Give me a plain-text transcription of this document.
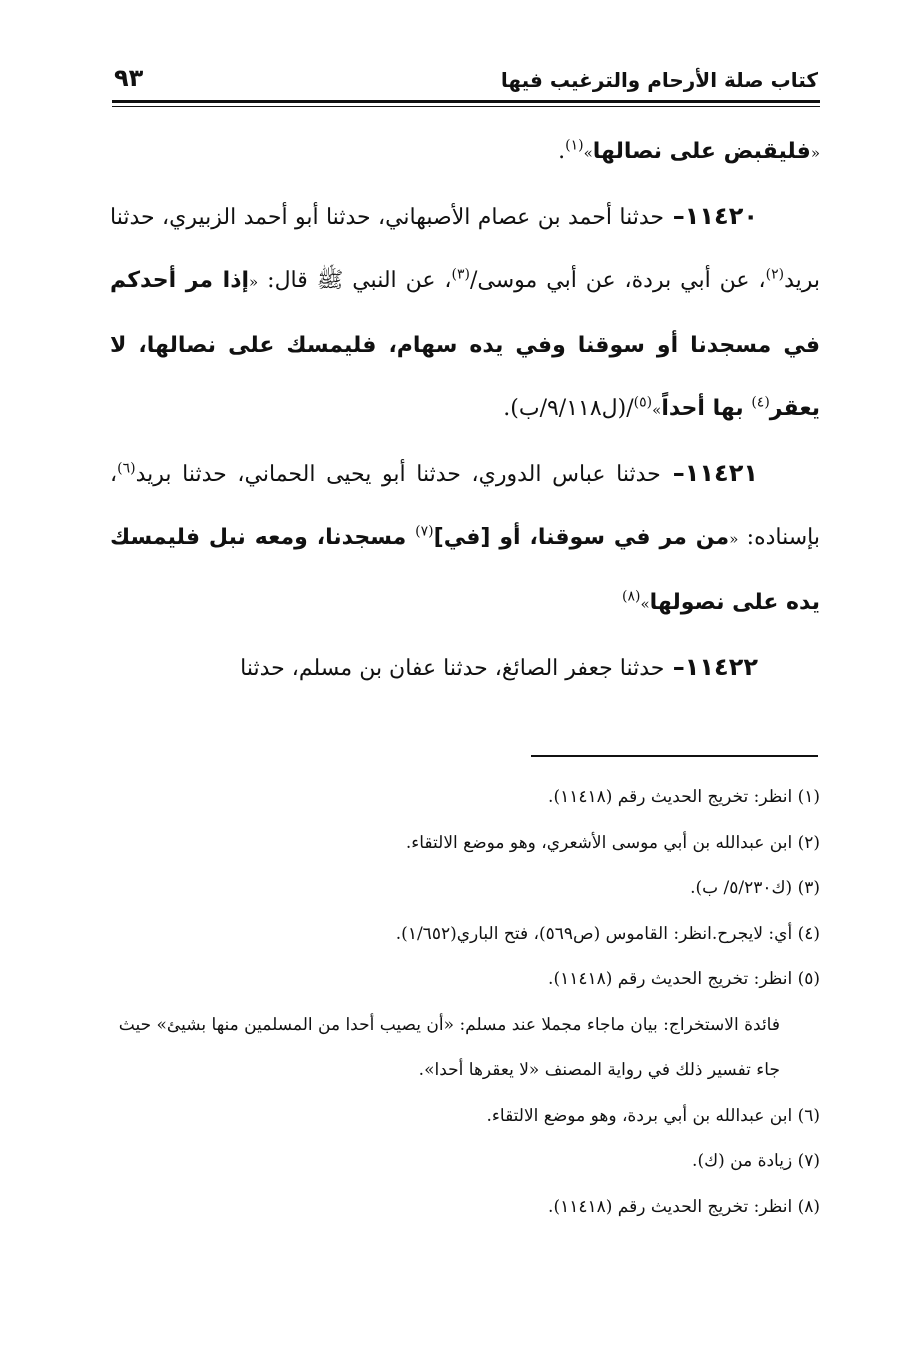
كتاب صلة الأرحام والترغيب فيها
٩٣

«فليقبض على نصالها»$^{(١)}$.

١١٤٢٠– حدثنا أحمد بن عصام الأصبهاني، حدثنا أبو أحمد الزبيري، حدثنا بريد$^{(٢)}$، عن أبي بردة، عن أبي موسى/$^{(٣)}$، عن النبي ﷺ قال: «إذا مر أحدكم في مسجدنا أو سوقنا وفي يده سهام، فليمسك على نصالها، لا يعقر$^{(٤)}$ بها أحداً»$^{(٥)}$/(ل٩/١١٨/ب).

١١٤٢١– حدثنا عباس الدوري، حدثنا أبو يحيى الحماني، حدثنا بريد$^{(٦)}$، بإسناده: «من مر في سوقنا، أو [في]$^{(٧)}$ مسجدنا، ومعه نبل فليمسك يده على نصولها»$^{(٨)}$

١١٤٢٢– حدثنا جعفر الصائغ، حدثنا عفان بن مسلم، حدثنا

(١) انظر: تخريج الحديث رقم (١١٤١٨).

(٢) ابن عبدالله بن أبي موسى الأشعري، وهو موضع الالتقاء.

(٣) (ك٥/٢٣٠/ ب).

(٤) أي: لايجرح.انظر: القاموس (ص٥٦٩)، فتح الباري(١/٦٥٢).

(٥) انظر: تخريج الحديث رقم (١١٤١٨).

فائدة الاستخراج: بيان ماجاء مجملا عند مسلم: «أن يصيب أحدا من المسلمين منها بشيئ» حيث جاء تفسير ذلك في رواية المصنف «لا يعقرها أحدا».

(٦) ابن عبدالله بن أبي بردة، وهو موضع الالتقاء.

(٧) زيادة من (ك).

(٨) انظر: تخريج الحديث رقم (١١٤١٨).
